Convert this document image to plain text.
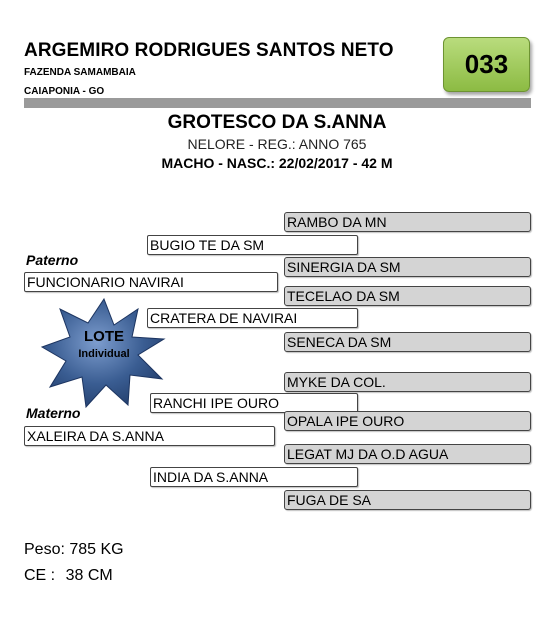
ARGEMIRO RODRIGUES SANTOS NETO
FAZENDA SAMAMBAIA
CAIAPONIA - GO
033
GROTESCO DA S.ANNA
NELORE - REG.: ANNO 765
MACHO - NASC.: 22/02/2017 - 42 M
RAMBO DA MN
BUGIO TE DA SM
Paterno	SINERGIA DA SM
FUNCIONARIO NAVIRAI
TECELAO DA SM
CRATERA DE NAVIRAI
SENECA DA SM
LOTE
Individual
MYKE DA COL.
RANCHI IPE OURO
Materno	OPALA IPE OURO
XALEIRA DA S.ANNA
LEGAT MJ DA O.D AGUA
INDIA DA S.ANNA
FUGA DE SA
Peso: 785 KG
CE : 38 CM
